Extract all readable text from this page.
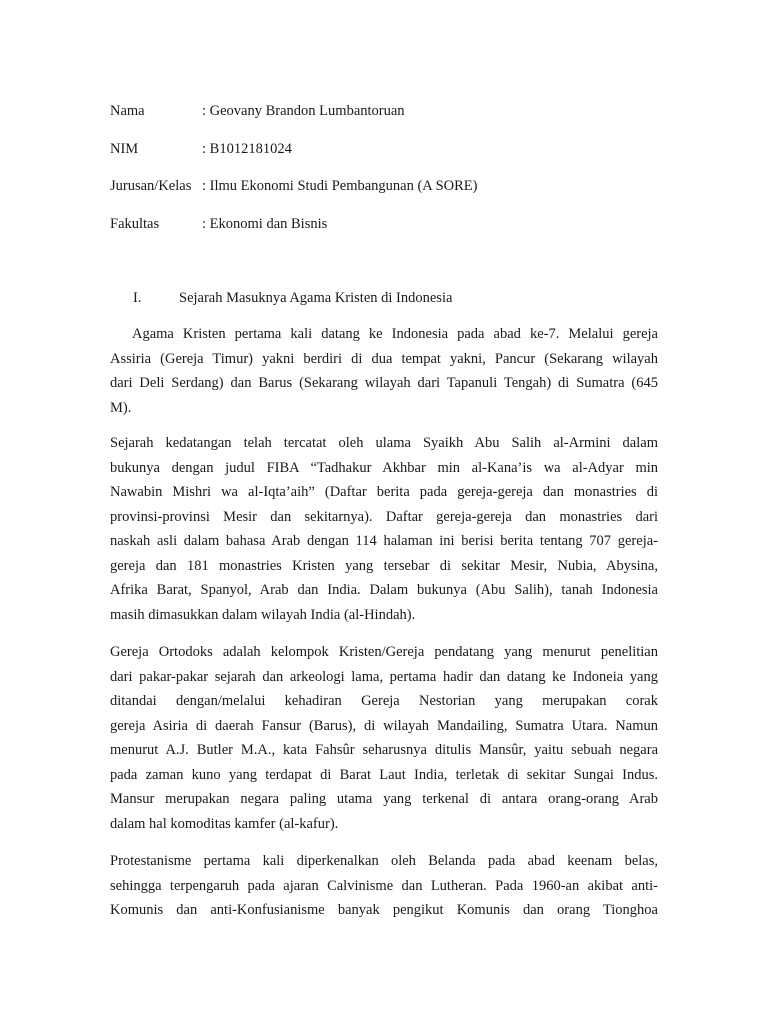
Nama	: Geovany Brandon Lumbantoruan
NIM	: B1012181024
Jurusan/Kelas : Ilmu Ekonomi Studi Pembangunan (A SORE)
Fakultas	: Ekonomi dan Bisnis
I.	Sejarah Masuknya Agama Kristen di Indonesia
Agama Kristen pertama kali datang ke Indonesia pada abad ke-7. Melalui gereja
Assiria (Gereja Timur) yakni berdiri di dua tempat yakni, Pancur (Sekarang wilayah
dari Deli Serdang) dan Barus (Sekarang wilayah dari Tapanuli Tengah) di Sumatra (645
M).
Sejarah kedatangan telah tercatat oleh ulama Syaikh Abu Salih al-Armini dalam
bukunya dengan judul FIBA “Tadhakur Akhbar min al-Kana’is wa al-Adyar min
Nawabin Mishri wa al-Iqta’aih” (Daftar berita pada gereja-gereja dan monastries di
provinsi-provinsi Mesir dan sekitarnya). Daftar gereja-gereja dan monastries dari
naskah asli dalam bahasa Arab dengan 114 halaman ini berisi berita tentang 707 gereja-
gereja dan 181 monastries Kristen yang tersebar di sekitar Mesir, Nubia, Abysina,
Afrika Barat, Spanyol, Arab dan India. Dalam bukunya (Abu Salih), tanah Indonesia
masih dimasukkan dalam wilayah India (al-Hindah).
Gereja Ortodoks adalah kelompok Kristen/Gereja pendatang yang menurut penelitian
dari pakar-pakar sejarah dan arkeologi lama, pertama hadir dan datang ke Indoneia yang
ditandai dengan/melalui kehadiran Gereja Nestorian yang merupakan corak
gereja Asiria di daerah Fansur (Barus), di wilayah Mandailing, Sumatra Utara. Namun
menurut A.J. Butler M.A., kata Fahsûr seharusnya ditulis Mansûr, yaitu sebuah negara
pada zaman kuno yang terdapat di Barat Laut India, terletak di sekitar Sungai Indus.
Mansur merupakan negara paling utama yang terkenal di antara orang-orang Arab
dalam hal komoditas kamfer (al-kafur).
Protestanisme pertama kali diperkenalkan oleh Belanda pada abad keenam belas,
sehingga terpengaruh pada ajaran Calvinisme dan Lutheran. Pada 1960-an akibat anti-
Komunis dan anti-Konfusianisme banyak pengikut Komunis dan orang Tionghoa
